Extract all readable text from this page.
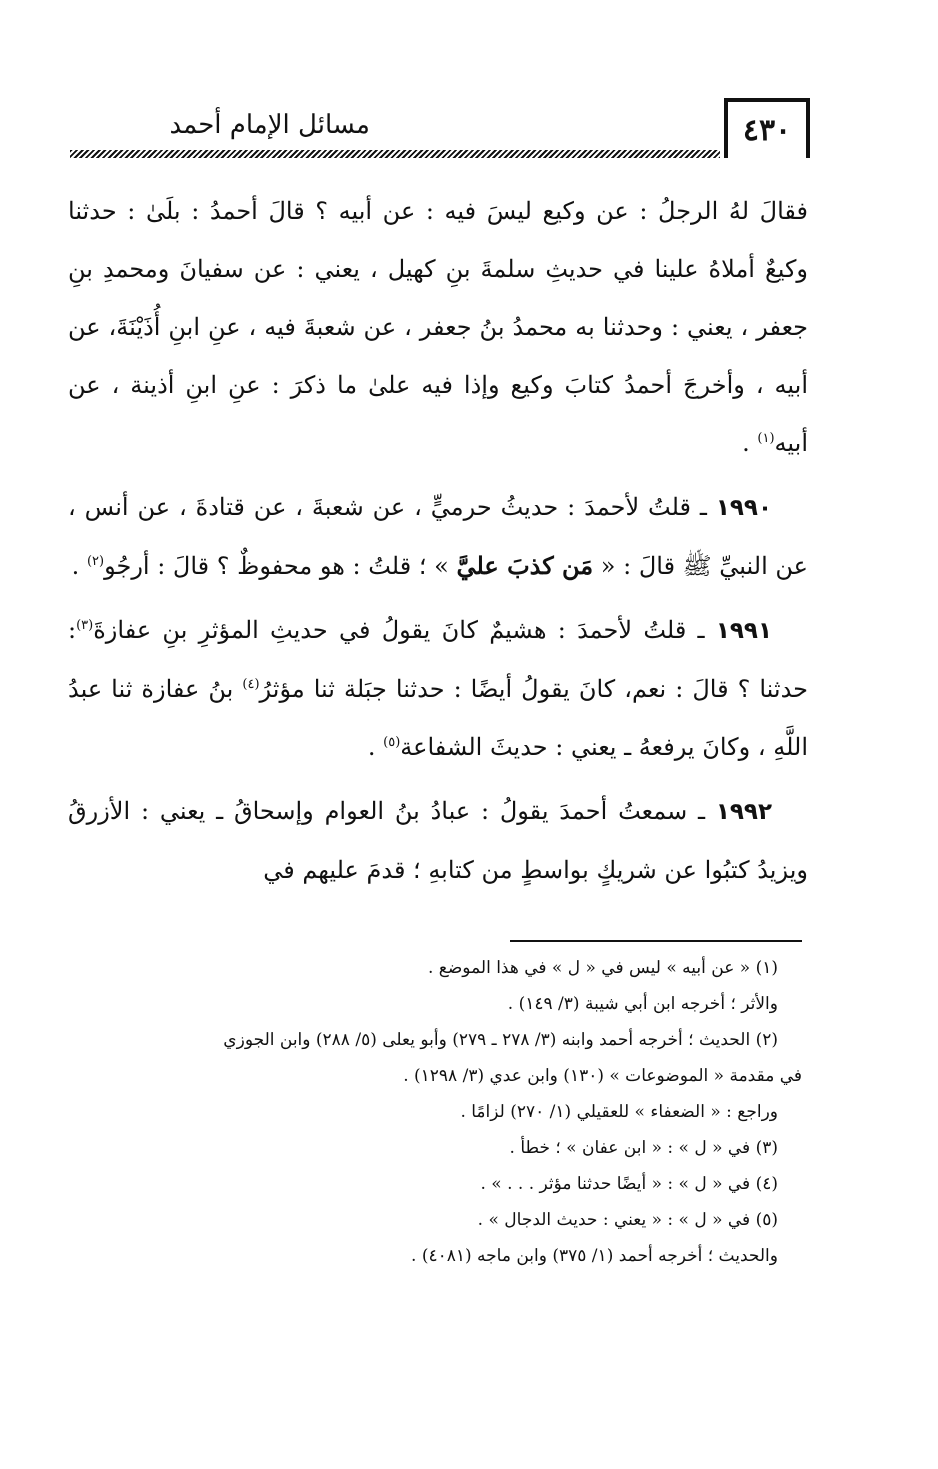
مسائل الإمام أحمد	٤٣٠

فقالَ لهُ الرجلُ : عن وكيع ليسَ فيه : عن أبيه ؟ قالَ أحمدُ : بلَىٰ : حدثنا وكيعٌ أملاهُ علينا في حديثِ سلمةَ بنِ كهيل ، يعني : عن سفيانَ ومحمدِ بنِ جعفر ، يعني : وحدثنا به محمدُ بنُ جعفر ، عن شعبةَ فيه ، عنِ ابنِ أُذَيْنَةَ، عن أبيه ، وأخرجَ أحمدُ كتابَ وكيع وإذا فيه علىٰ ما ذكرَ : عنِ ابنِ أذينة ، عن أبيه$^{(١)}$ .

١٩٩٠ ـ قلتُ لأحمدَ : حديثُ حرميٍّ ، عن شعبةَ ، عن قتادةَ ، عن أنس ، عن النبيِّ ﷺ قالَ : « مَن كذبَ عليَّ » ؛ قلتُ : هو محفوظٌ ؟ قالَ : أرجُو$^{(٢)}$ .

١٩٩١ ـ قلتُ لأحمدَ : هشيمٌ كانَ يقولُ في حديثِ المؤثرِ بنِ عفازةَ$^{(٣)}$: حدثنا ؟ قالَ : نعم، كانَ يقولُ أيضًا : حدثنا جبَلة ثنا مؤثرُ$^{(٤)}$ بنُ عفازة ثنا عبدُ اللَّهِ ، وكانَ يرفعهُ ـ يعني : حديثَ الشفاعة$^{(٥)}$ .

١٩٩٢ ـ سمعتُ أحمدَ يقولُ : عبادُ بنُ العوام وإسحاقُ ـ يعني : الأزرقُ ويزيدُ كتبُوا عن شريكٍ بواسطٍ من كتابهِ ؛ قدمَ عليهم في

(١) « عن أبيه » ليس في « ل » في هذا الموضع .

والأثر ؛ أخرجه ابن أبي شيبة (٣/ ١٤٩) .

(٢) الحديث ؛ أخرجه أحمد وابنه (٣/ ٢٧٨ ـ ٢٧٩) وأبو يعلى (٥/ ٢٨٨) وابن الجوزي

في مقدمة « الموضوعات » (١٣٠) وابن عدي (٣/ ١٢٩٨) .

وراجع : « الضعفاء » للعقيلي (١/ ٢٧٠) لزامًا .

(٣) في « ل » : « ابن عفان » ؛ خطأ .

(٤) في « ل » : « أيضًا حدثنا مؤثر . . . » .

(٥) في « ل » : « يعني : حديث الدجال » .

والحديث ؛ أخرجه أحمد (١/ ٣٧٥) وابن ماجه (٤٠٨١) .
